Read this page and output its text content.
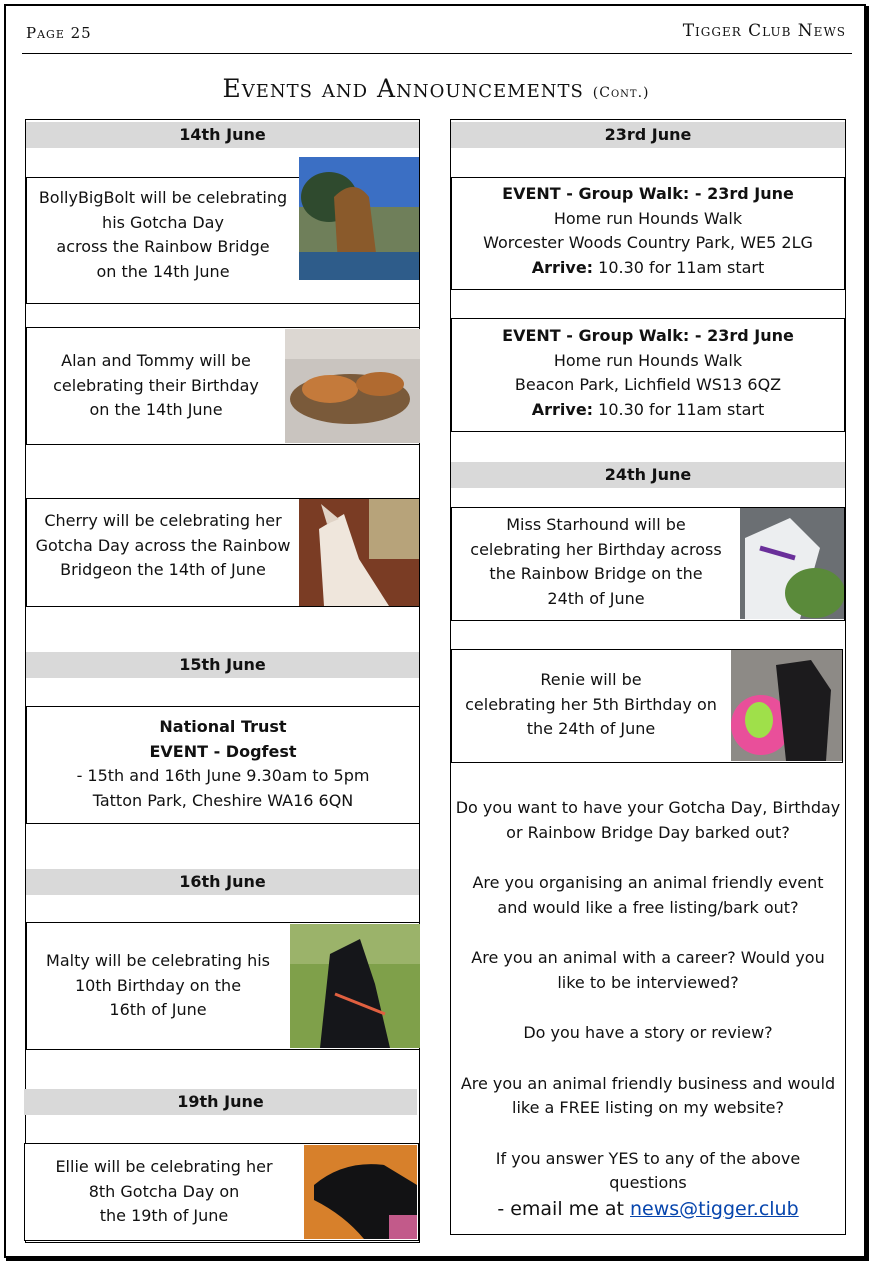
Page 25	Tigger Club News
Events and Announcements (Cont.)
14th June
BollyBigBolt will be celebrating
his Gotcha Day
across the Rainbow Bridge
on the 14th June
Alan and Tommy will be
celebrating their Birthday
on the 14th June
Cherry will be celebrating her
Gotcha Day across the Rainbow
Bridgeon the 14th of June
15th June
National Trust
EVENT - Dogfest
- 15th and 16th June 9.30am to 5pm
Tatton Park, Cheshire WA16 6QN
16th June
Malty will be celebrating his
10th Birthday on the
16th of June
19th June
Ellie will be celebrating her
8th Gotcha Day on
the 19th of June
23rd June
EVENT - Group Walk: - 23rd June
Home run Hounds Walk
Worcester Woods Country Park, WE5 2LG
Arrive: 10.30 for 11am start
EVENT - Group Walk: - 23rd June
Home run Hounds Walk
Beacon Park, Lichfield WS13 6QZ
Arrive: 10.30 for 11am start
24th June
Miss Starhound will be
celebrating her Birthday across
the Rainbow Bridge on the
24th of June
Renie will be
celebrating her 5th Birthday on
the 24th of June

Do you want to have your Gotcha Day, Birthday
or Rainbow Bridge Day barked out?

Are you organising an animal friendly event
and would like a free listing/bark out?

Are you an animal with a career? Would you
like to be interviewed?

Do you have a story or review?

Are you an animal friendly business and would
like a FREE listing on my website?

If you answer YES to any of the above
questions

- email me at news@tigger.club
